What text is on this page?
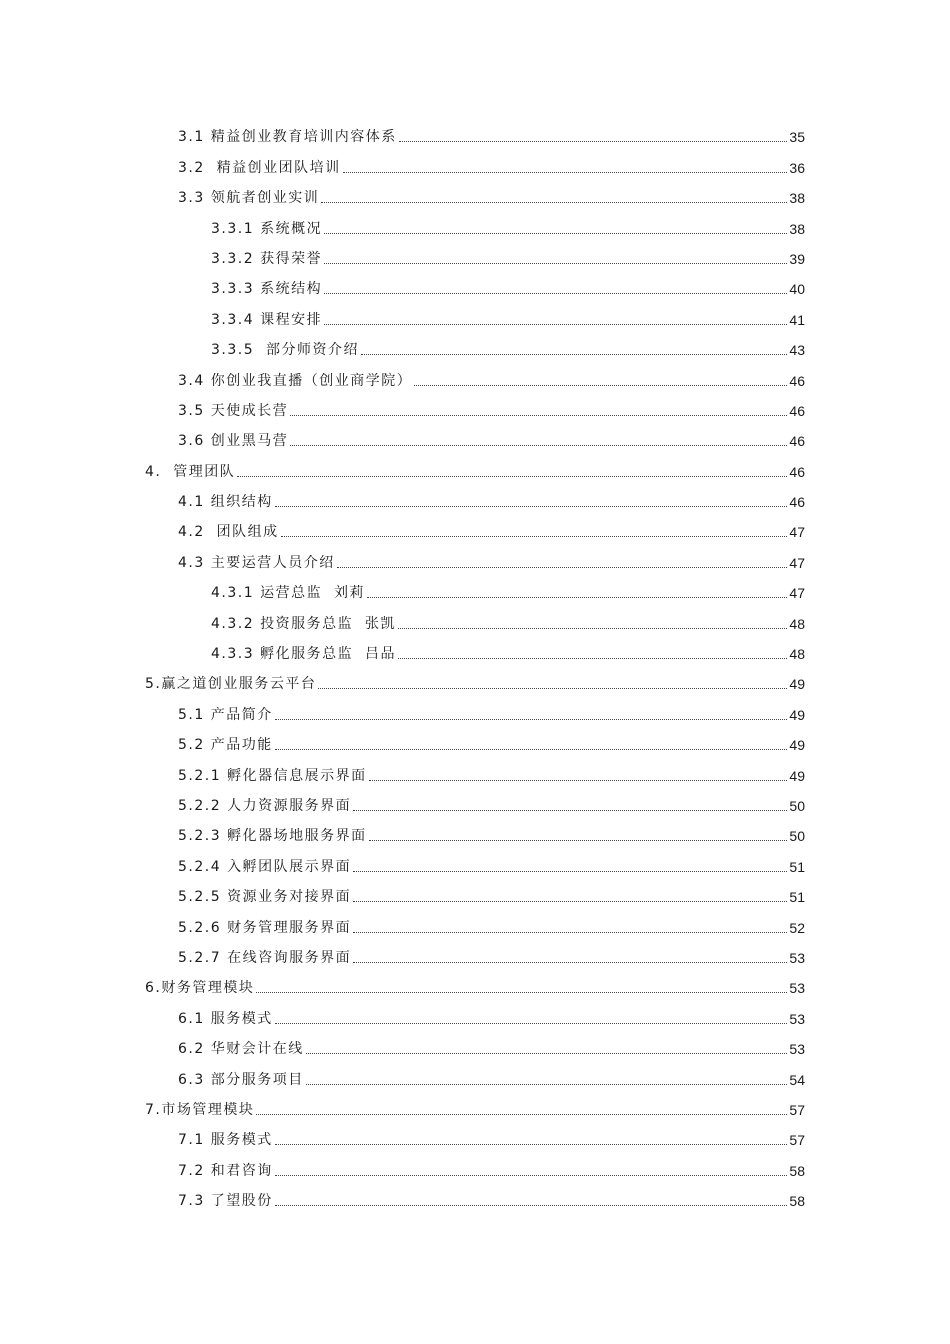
3.1 精益创业教育培训内容体系	35
3.2  精益创业团队培训	36
3.3 领航者创业实训	38
3.3.1 系统概况	38
3.3.2 获得荣誉	39
3.3.3 系统结构	40
3.3.4 课程安排	41
3.3.5  部分师资介绍	43
3.4 你创业我直播（创业商学院）	46
3.5 天使成长营	46
3.6 创业黑马营	46
4.  管理团队	46
4.1 组织结构	46
4.2  团队组成	47
4.3 主要运营人员介绍	47
4.3.1 运营总监  刘莉	47
4.3.2 投资服务总监  张凯	48
4.3.3 孵化服务总监  吕品	48
5.赢之道创业服务云平台	49
5.1 产品简介	49
5.2 产品功能	49
5.2.1 孵化器信息展示界面	49
5.2.2 人力资源服务界面	50
5.2.3 孵化器场地服务界面	50
5.2.4 入孵团队展示界面	51
5.2.5 资源业务对接界面	51
5.2.6 财务管理服务界面	52
5.2.7 在线咨询服务界面	53
6.财务管理模块	53
6.1 服务模式	53
6.2 华财会计在线	53
6.3 部分服务项目	54
7.市场管理模块	57
7.1 服务模式	57
7.2 和君咨询	58
7.3 了望股份	58
